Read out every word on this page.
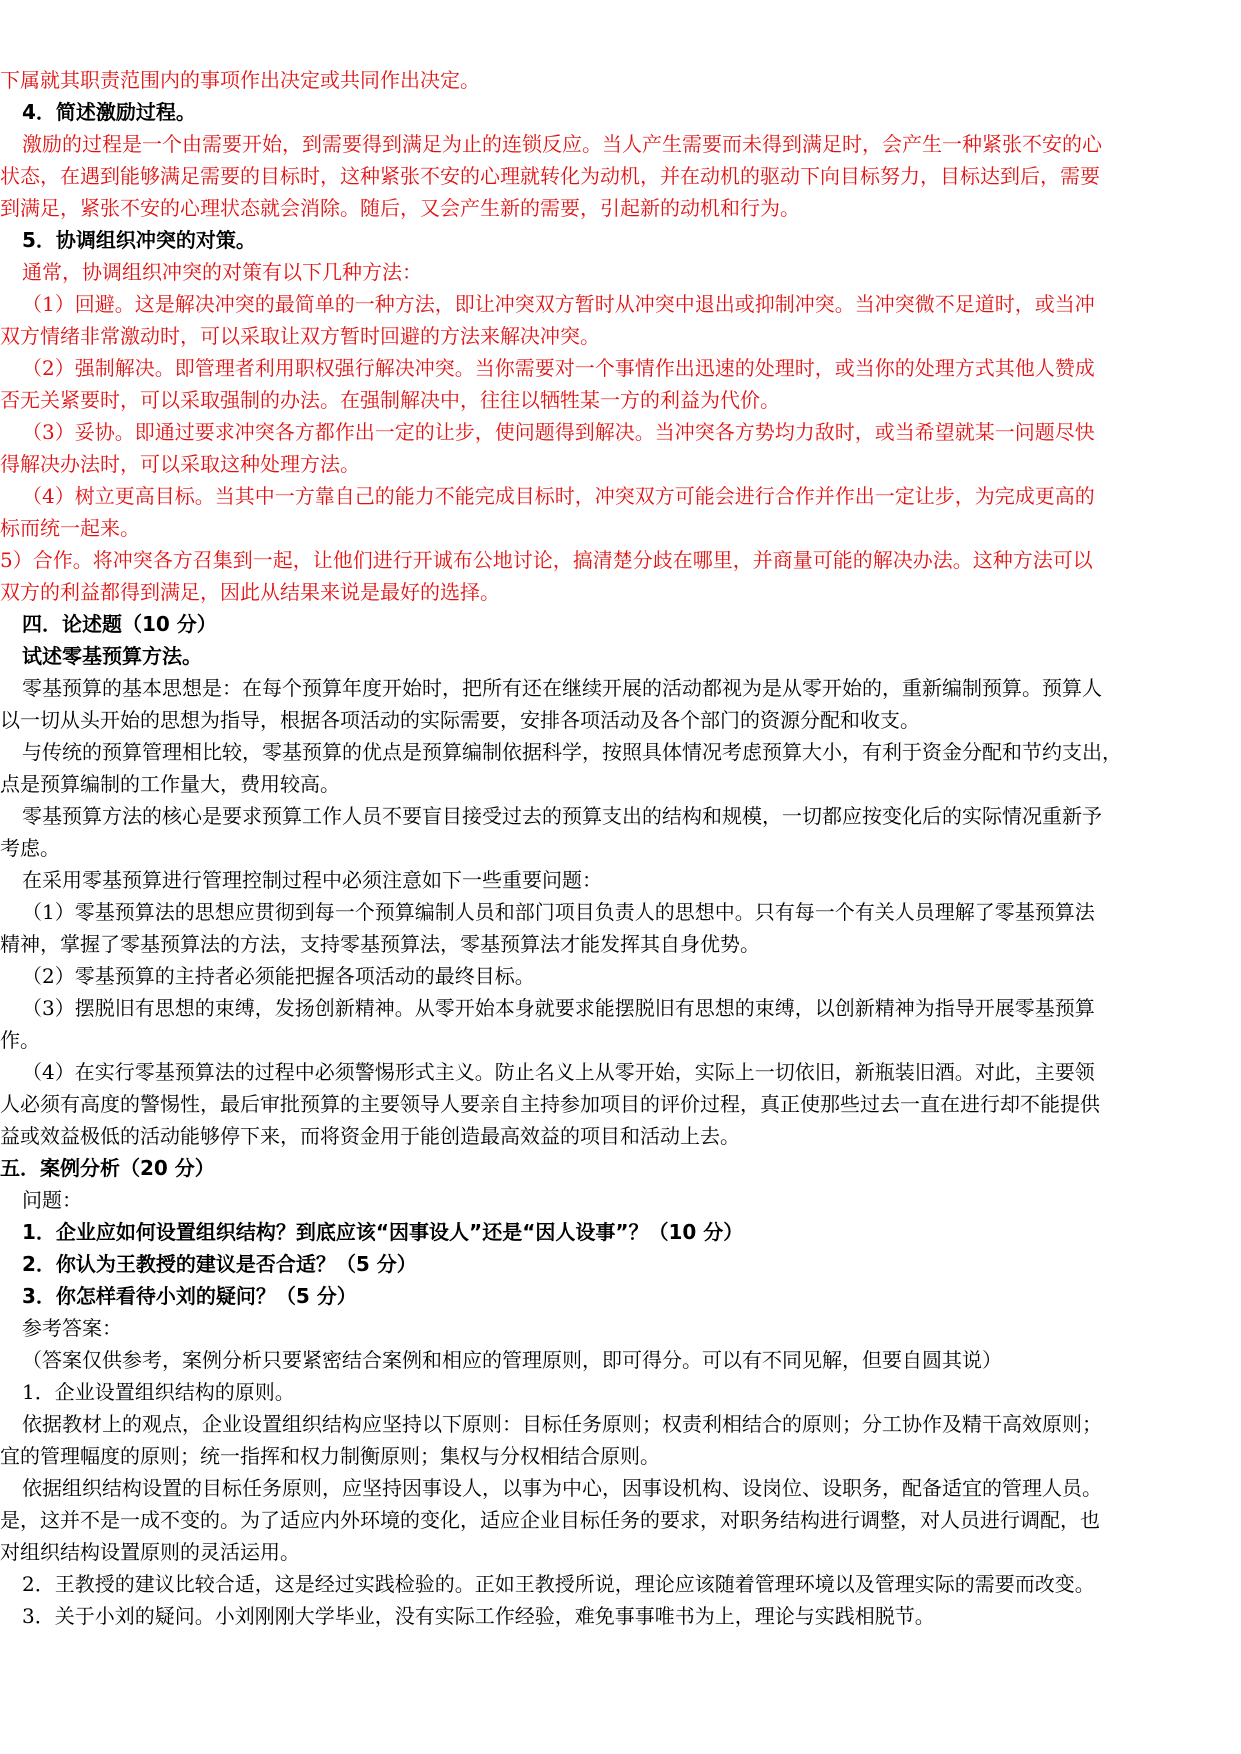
下属就其职责范围内的事项作出决定或共同作出决定。
4．简述激励过程。
激励的过程是一个由需要开始，到需要得到满足为止的连锁反应。当人产生需要而未得到满足时，会产生一种紧张不安的心
状态，在遇到能够满足需要的目标时，这种紧张不安的心理就转化为动机，并在动机的驱动下向目标努力，目标达到后，需要
到满足，紧张不安的心理状态就会消除。随后，又会产生新的需要，引起新的动机和行为。
5．协调组织冲突的对策。
通常，协调组织冲突的对策有以下几种方法：
（1）回避。这是解决冲突的最简单的一种方法，即让冲突双方暂时从冲突中退出或抑制冲突。当冲突微不足道时，或当冲
双方情绪非常激动时，可以采取让双方暂时回避的方法来解决冲突。
（2）强制解决。即管理者利用职权强行解决冲突。当你需要对一个事情作出迅速的处理时，或当你的处理方式其他人赞成
否无关紧要时，可以采取强制的办法。在强制解决中，往往以牺牲某一方的利益为代价。
（3）妥协。即通过要求冲突各方都作出一定的让步，使问题得到解决。当冲突各方势均力敌时，或当希望就某一问题尽快
得解决办法时，可以采取这种处理方法。
（4）树立更高目标。当其中一方靠自己的能力不能完成目标时，冲突双方可能会进行合作并作出一定让步，为完成更高的
标而统一起来。
5）合作。将冲突各方召集到一起，让他们进行开诚布公地讨论，搞清楚分歧在哪里，并商量可能的解决办法。这种方法可以
双方的利益都得到满足，因此从结果来说是最好的选择。
四．论述题（10 分）
试述零基预算方法。
零基预算的基本思想是：在每个预算年度开始时，把所有还在继续开展的活动都视为是从零开始的，重新编制预算。预算人
以一切从头开始的思想为指导，根据各项活动的实际需要，安排各项活动及各个部门的资源分配和收支。
与传统的预算管理相比较，零基预算的优点是预算编制依据科学，按照具体情况考虑预算大小，有利于资金分配和节约支出，
点是预算编制的工作量大，费用较高。
零基预算方法的核心是要求预算工作人员不要盲目接受过去的预算支出的结构和规模，一切都应按变化后的实际情况重新予
考虑。
在采用零基预算进行管理控制过程中必须注意如下一些重要问题：
（1）零基预算法的思想应贯彻到每一个预算编制人员和部门项目负责人的思想中。只有每一个有关人员理解了零基预算法
精神，掌握了零基预算法的方法，支持零基预算法，零基预算法才能发挥其自身优势。
（2）零基预算的主持者必须能把握各项活动的最终目标。
（3）摆脱旧有思想的束缚，发扬创新精神。从零开始本身就要求能摆脱旧有思想的束缚，以创新精神为指导开展零基预算
作。
（4）在实行零基预算法的过程中必须警惕形式主义。防止名义上从零开始，实际上一切依旧，新瓶装旧酒。对此，主要领
人必须有高度的警惕性，最后审批预算的主要领导人要亲自主持参加项目的评价过程，真正使那些过去一直在进行却不能提供
益或效益极低的活动能够停下来，而将资金用于能创造最高效益的项目和活动上去。
五．案例分析（20 分）
问题：
1．企业应如何设置组织结构？到底应该“因事设人”还是“因人设事”？（10 分）
2．你认为王教授的建议是否合适？（5 分）
3．你怎样看待小刘的疑问？（5 分）
参考答案：
（答案仅供参考，案例分析只要紧密结合案例和相应的管理原则，即可得分。可以有不同见解，但要自圆其说）
1．企业设置组织结构的原则。
依据教材上的观点，企业设置组织结构应坚持以下原则：目标任务原则；权责利相结合的原则；分工协作及精干高效原则；
宜的管理幅度的原则；统一指挥和权力制衡原则；集权与分权相结合原则。
依据组织结构设置的目标任务原则，应坚持因事设人，以事为中心，因事设机构、设岗位、设职务，配备适宜的管理人员。
是，这并不是一成不变的。为了适应内外环境的变化，适应企业目标任务的要求，对职务结构进行调整，对人员进行调配，也
对组织结构设置原则的灵活运用。
2．王教授的建议比较合适，这是经过实践检验的。正如王教授所说，理论应该随着管理环境以及管理实际的需要而改变。
3．关于小刘的疑问。小刘刚刚大学毕业，没有实际工作经验，难免事事唯书为上，理论与实践相脱节。
